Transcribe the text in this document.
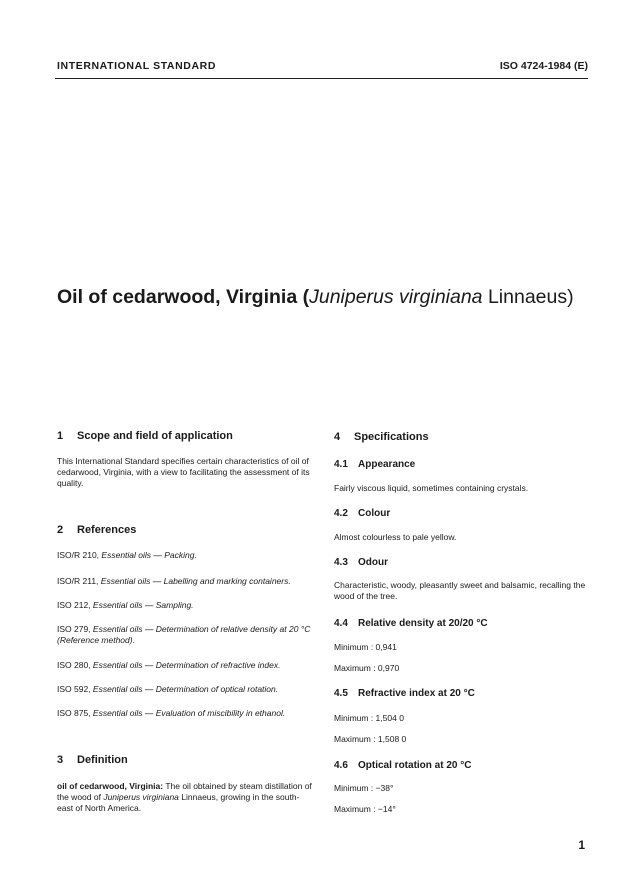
INTERNATIONAL STANDARD	ISO 4724-1984 (E)
Oil of cedarwood, Virginia (Juniperus virginiana Linnaeus)
1 Scope and field of application
This International Standard specifies certain characteristics of oil of cedarwood, Virginia, with a view to facilitating the assessment of its quality.
2 References
ISO/R 210, Essential oils — Packing.
ISO/R 211, Essential oils — Labelling and marking containers.
ISO 212, Essential oils — Sampling.
ISO 279, Essential oils — Determination of relative density at 20 °C (Reference method).
ISO 280, Essential oils — Determination of refractive index.
ISO 592, Essential oils — Determination of optical rotation.
ISO 875, Essential oils — Evaluation of miscibility in ethanol.
3 Definition
oil of cedarwood, Virginia: The oil obtained by steam distillation of the wood of Juniperus virginiana Linnaeus, growing in the south-east of North America.
4 Specifications
4.1 Appearance
Fairly viscous liquid, sometimes containing crystals.
4.2 Colour
Almost colourless to pale yellow.
4.3 Odour
Characteristic, woody, pleasantly sweet and balsamic, recalling the wood of the tree.
4.4 Relative density at 20/20 °C
Minimum : 0,941
Maximum : 0,970
4.5 Refractive index at 20 °C
Minimum : 1,504 0
Maximum : 1,508 0
4.6 Optical rotation at 20 °C
Minimum : −38°
Maximum : −14°
1
